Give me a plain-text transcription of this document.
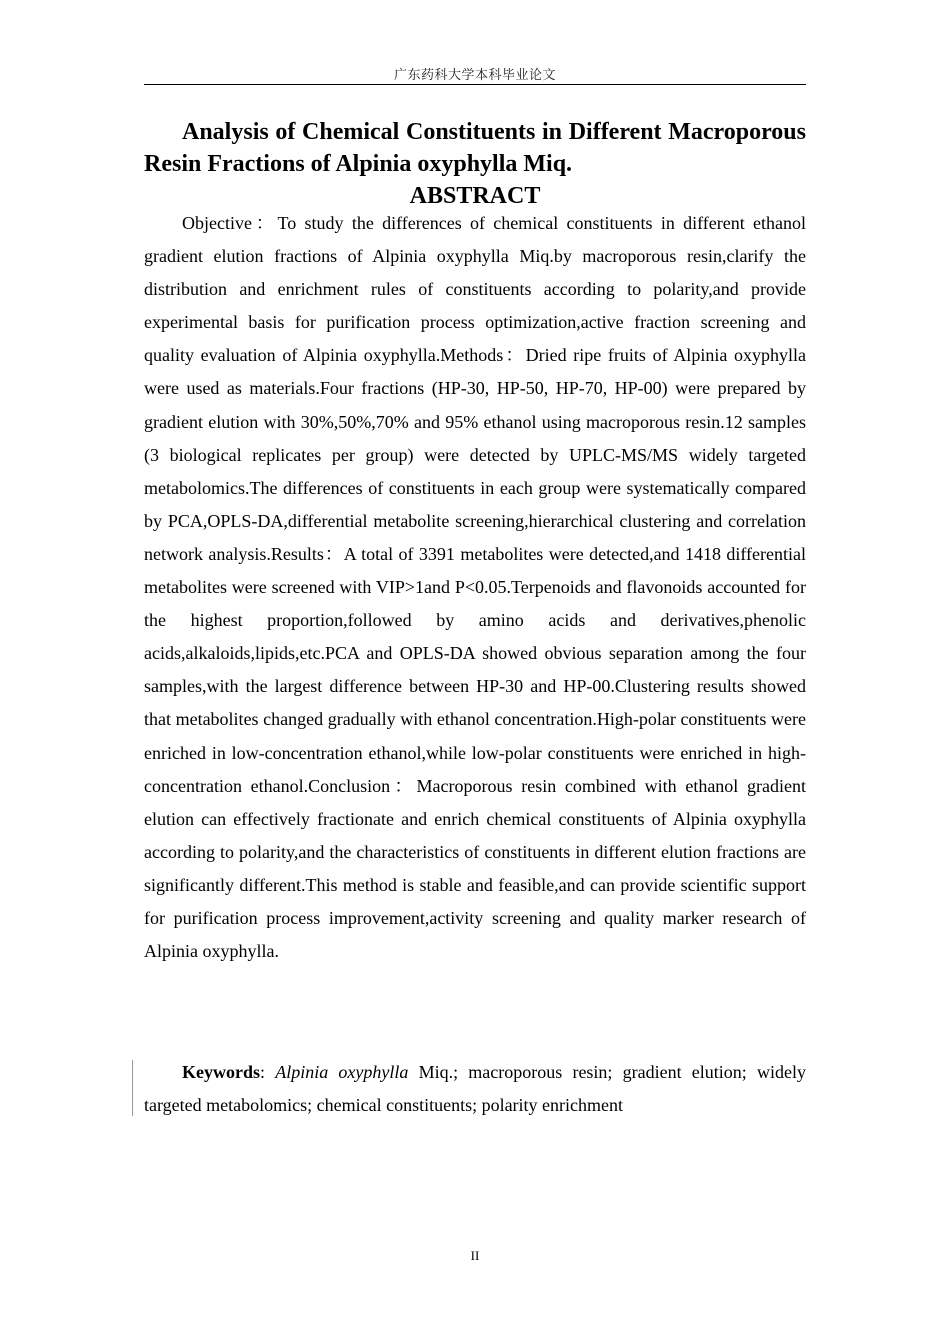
广东药科大学本科毕业论文
Analysis of Chemical Constituents in Different Macroporous Resin Fractions of Alpinia oxyphylla Miq.
ABSTRACT

Objective：To study the differences of chemical constituents in different ethanol gradient elution fractions of Alpinia oxyphylla Miq.by macroporous resin,clarify the distribution and enrichment rules of constituents according to polarity,and provide experimental basis for purification process optimization,active fraction screening and quality evaluation of Alpinia oxyphylla.Methods：Dried ripe fruits of Alpinia oxyphylla were used as materials.Four fractions (HP-30, HP-50, HP-70, HP-00) were prepared by gradient elution with 30%,50%,70% and 95% ethanol using macroporous resin.12 samples (3 biological replicates per group) were detected by UPLC-MS/MS widely targeted metabolomics.The differences of constituents in each group were systematically compared by PCA,OPLS-DA,differential metabolite screening,hierarchical clustering and correlation network analysis.Results：A total of 3391 metabolites were detected,and 1418 differential metabolites were screened with VIP>1and P<0.05.Terpenoids and flavonoids accounted for the highest proportion,followed by amino acids and derivatives,phenolic acids,alkaloids,lipids,etc.PCA and OPLS-DA showed obvious separation among the four samples,with the largest difference between HP-30 and HP-00.Clustering results showed that metabolites changed gradually with ethanol concentration.High-polar constituents were enriched in low-concentration ethanol,while low-polar constituents were enriched in high-concentration ethanol.Conclusion：Macroporous resin combined with ethanol gradient elution can effectively fractionate and enrich chemical constituents of Alpinia oxyphylla according to polarity,and the characteristics of constituents in different elution fractions are significantly different.This method is stable and feasible,and can provide scientific support for purification process improvement,activity screening and quality marker research of Alpinia oxyphylla.

Keywords: Alpinia oxyphylla Miq.; macroporous resin; gradient elution; widely targeted metabolomics; chemical constituents; polarity enrichment

II
